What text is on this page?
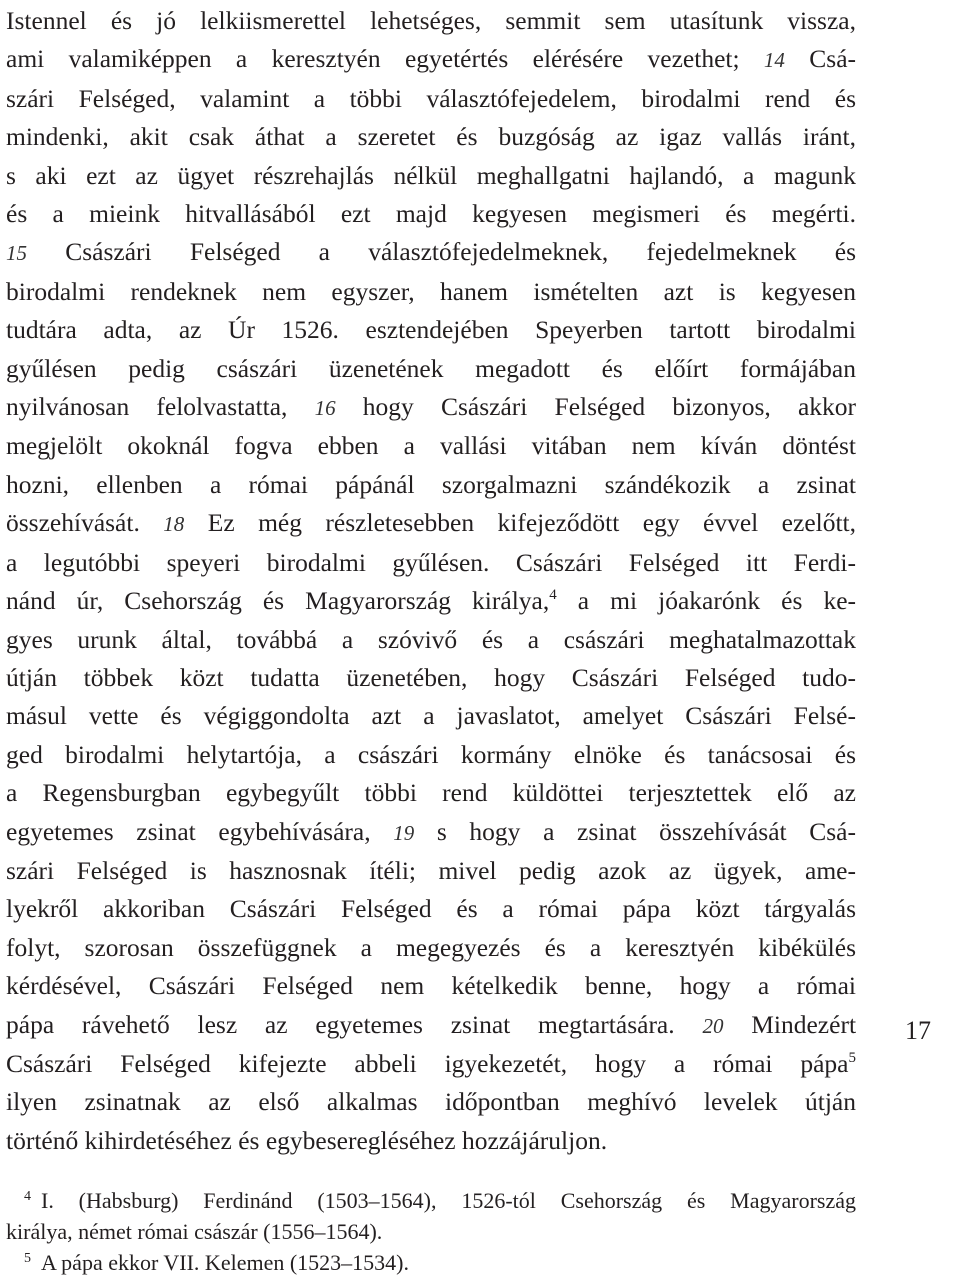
Istennel és jó lelkiismerettel lehetséges, semmit sem utasítunk vissza,
ami valamiképpen a keresztyén egyetértés elérésére vezethet; 14 Csá-
szári Felséged, valamint a többi választófejedelem, birodalmi rend és
mindenki, akit csak áthat a szeretet és buzgóság az igaz vallás iránt,
s aki ezt az ügyet részrehajlás nélkül meghallgatni hajlandó, a magunk
és a mieink hitvallásából ezt majd kegyesen megismeri és megérti.
15 Császári Felséged a választófejedelmeknek, fejedelmeknek és
birodalmi rendeknek nem egyszer, hanem ismételten azt is kegyesen
tudtára adta, az Úr 1526. esztendejében Speyerben tartott birodalmi
gyűlésen pedig császári üzenetének megadott és előírt formájában
nyilvánosan felolvastatta, 16 hogy Császári Felséged bizonyos, akkor
megjelölt okoknál fogva ebben a vallási vitában nem kíván döntést
hozni, ellenben a római pápánál szorgalmazni szándékozik a zsinat
összehívását. 18 Ez még részletesebben kifejeződött egy évvel ezelőtt,
a legutóbbi speyeri birodalmi gyűlésen. Császári Felséged itt Ferdi-
nánd úr, Csehország és Magyarország királya,$^4$ a mi jóakarónk és ke-
gyes urunk által, továbbá a szóvivő és a császári meghatalmazottak
útján többek közt tudatta üzenetében, hogy Császári Felséged tudo-
másul vette és végiggondolta azt a javaslatot, amelyet Császári Felsé-
ged birodalmi helytartója, a császári kormány elnöke és tanácsosai és
a Regensburgban egybegyűlt többi rend küldöttei terjesztettek elő az
egyetemes zsinat egybehívására, 19 s hogy a zsinat összehívását Csá-
szári Felséged is hasznosnak ítéli; mivel pedig azok az ügyek, ame-
lyekről akkoriban Császári Felséged és a római pápa közt tárgyalás
folyt, szorosan összefüggnek a megegyezés és a keresztyén kibékülés
kérdésével, Császári Felséged nem kételkedik benne, hogy a római
pápa rávehető lesz az egyetemes zsinat megtartására. 20 Mindezért
Császári Felséged kifejezte abbeli igyekezetét, hogy a római pápa$^5$
ilyen zsinatnak az első alkalmas időpontban meghívó levelek útján
történő kihirdetéséhez és egybeseregléséhez hozzájáruljon.
17
$^4$ I. (Habsburg) Ferdinánd (1503–1564), 1526-tól Csehország és Magyarország
királya, német római császár (1556–1564).
$^5$ A pápa ekkor VII. Kelemen (1523–1534).
